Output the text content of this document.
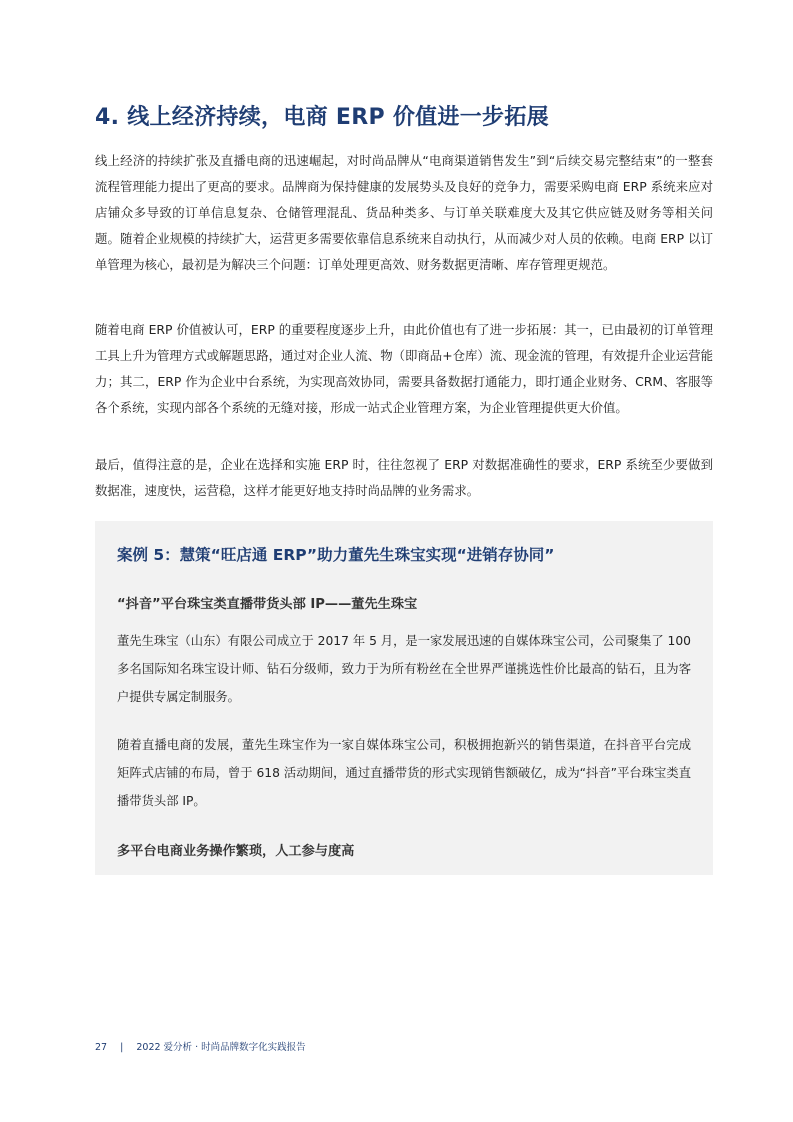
4. 线上经济持续，电商 ERP 价值进一步拓展

线上经济的持续扩张及直播电商的迅速崛起，对时尚品牌从“电商渠道销售发生”到“后续交易完整结束”的一整套流程管理能力提出了更高的要求。品牌商为保持健康的发展势头及良好的竞争力，需要采购电商 ERP 系统来应对店铺众多导致的订单信息复杂、仓储管理混乱、货品种类多、与订单关联难度大及其它供应链及财务等相关问题。随着企业规模的持续扩大，运营更多需要依靠信息系统来自动执行，从而减少对人员的依赖。电商 ERP 以订单管理为核心，最初是为解决三个问题：订单处理更高效、财务数据更清晰、库存管理更规范。

随着电商 ERP 价值被认可，ERP 的重要程度逐步上升，由此价值也有了进一步拓展：其一，已由最初的订单管理工具上升为管理方式或解题思路，通过对企业人流、物（即商品+仓库）流、现金流的管理，有效提升企业运营能力；其二，ERP 作为企业中台系统，为实现高效协同，需要具备数据打通能力，即打通企业财务、CRM、客服等各个系统，实现内部各个系统的无缝对接，形成一站式企业管理方案，为企业管理提供更大价值。

最后，值得注意的是，企业在选择和实施 ERP 时，往往忽视了 ERP 对数据准确性的要求，ERP 系统至少要做到数据准，速度快，运营稳，这样才能更好地支持时尚品牌的业务需求。

案例 5：慧策“旺店通 ERP”助力董先生珠宝实现“进销存协同”
“抖音”平台珠宝类直播带货头部 IP——董先生珠宝

董先生珠宝（山东）有限公司成立于 2017 年 5 月，是一家发展迅速的自媒体珠宝公司，公司聚集了 100 多名国际知名珠宝设计师、钻石分级师，致力于为所有粉丝在全世界严谨挑选性价比最高的钻石，且为客户提供专属定制服务。

随着直播电商的发展，董先生珠宝作为一家自媒体珠宝公司，积极拥抱新兴的销售渠道，在抖音平台完成矩阵式店铺的布局，曾于 618 活动期间，通过直播带货的形式实现销售额破亿，成为“抖音”平台珠宝类直播带货头部 IP。

多平台电商业务操作繁琐，人工参与度高
27 | 2022 爱分析 · 时尚品牌数字化实践报告
